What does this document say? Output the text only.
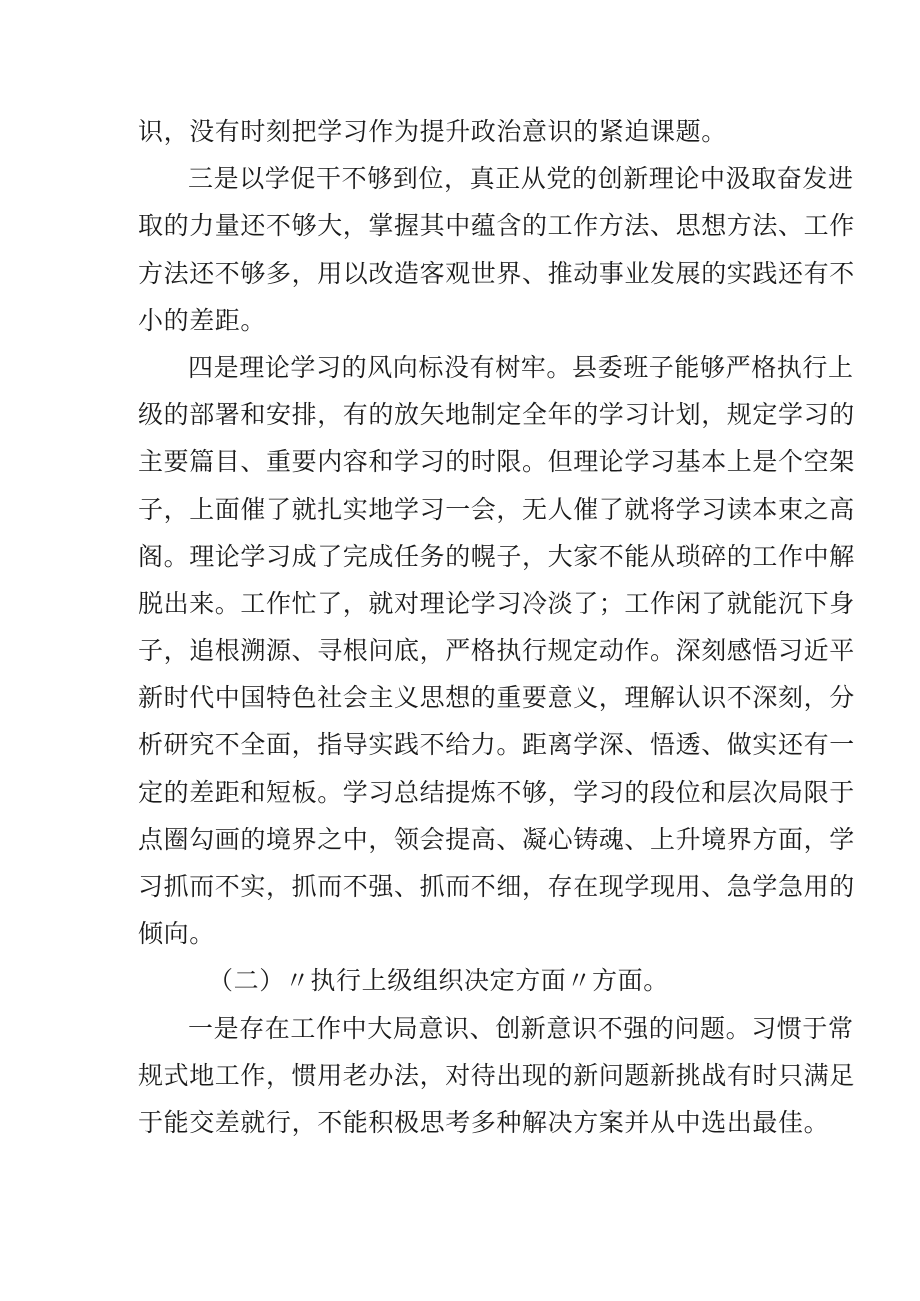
识，没有时刻把学习作为提升政治意识的紧迫课题。
三是以学促干不够到位，真正从党的创新理论中汲取奋发进
取的力量还不够大，掌握其中蕴含的工作方法、思想方法、工作
方法还不够多，用以改造客观世界、推动事业发展的实践还有不
小的差距。
四是理论学习的风向标没有树牢。县委班子能够严格执行上
级的部署和安排，有的放矢地制定全年的学习计划，规定学习的
主要篇目、重要内容和学习的时限。但理论学习基本上是个空架
子，上面催了就扎实地学习一会，无人催了就将学习读本束之高
阁。理论学习成了完成任务的幌子，大家不能从琐碎的工作中解
脱出来。工作忙了，就对理论学习冷淡了；工作闲了就能沉下身
子，追根溯源、寻根问底，严格执行规定动作。深刻感悟习近平
新时代中国特色社会主义思想的重要意义，理解认识不深刻，分
析研究不全面，指导实践不给力。距离学深、悟透、做实还有一
定的差距和短板。学习总结提炼不够，学习的段位和层次局限于
点圈勾画的境界之中，领会提高、凝心铸魂、上升境界方面，学
习抓而不实，抓而不强、抓而不细，存在现学现用、急学急用的
倾向。
（二）〃执行上级组织决定方面〃方面。
一是存在工作中大局意识、创新意识不强的问题。习惯于常
规式地工作，惯用老办法，对待出现的新问题新挑战有时只满足
于能交差就行，不能积极思考多种解决方案并从中选出最佳。
